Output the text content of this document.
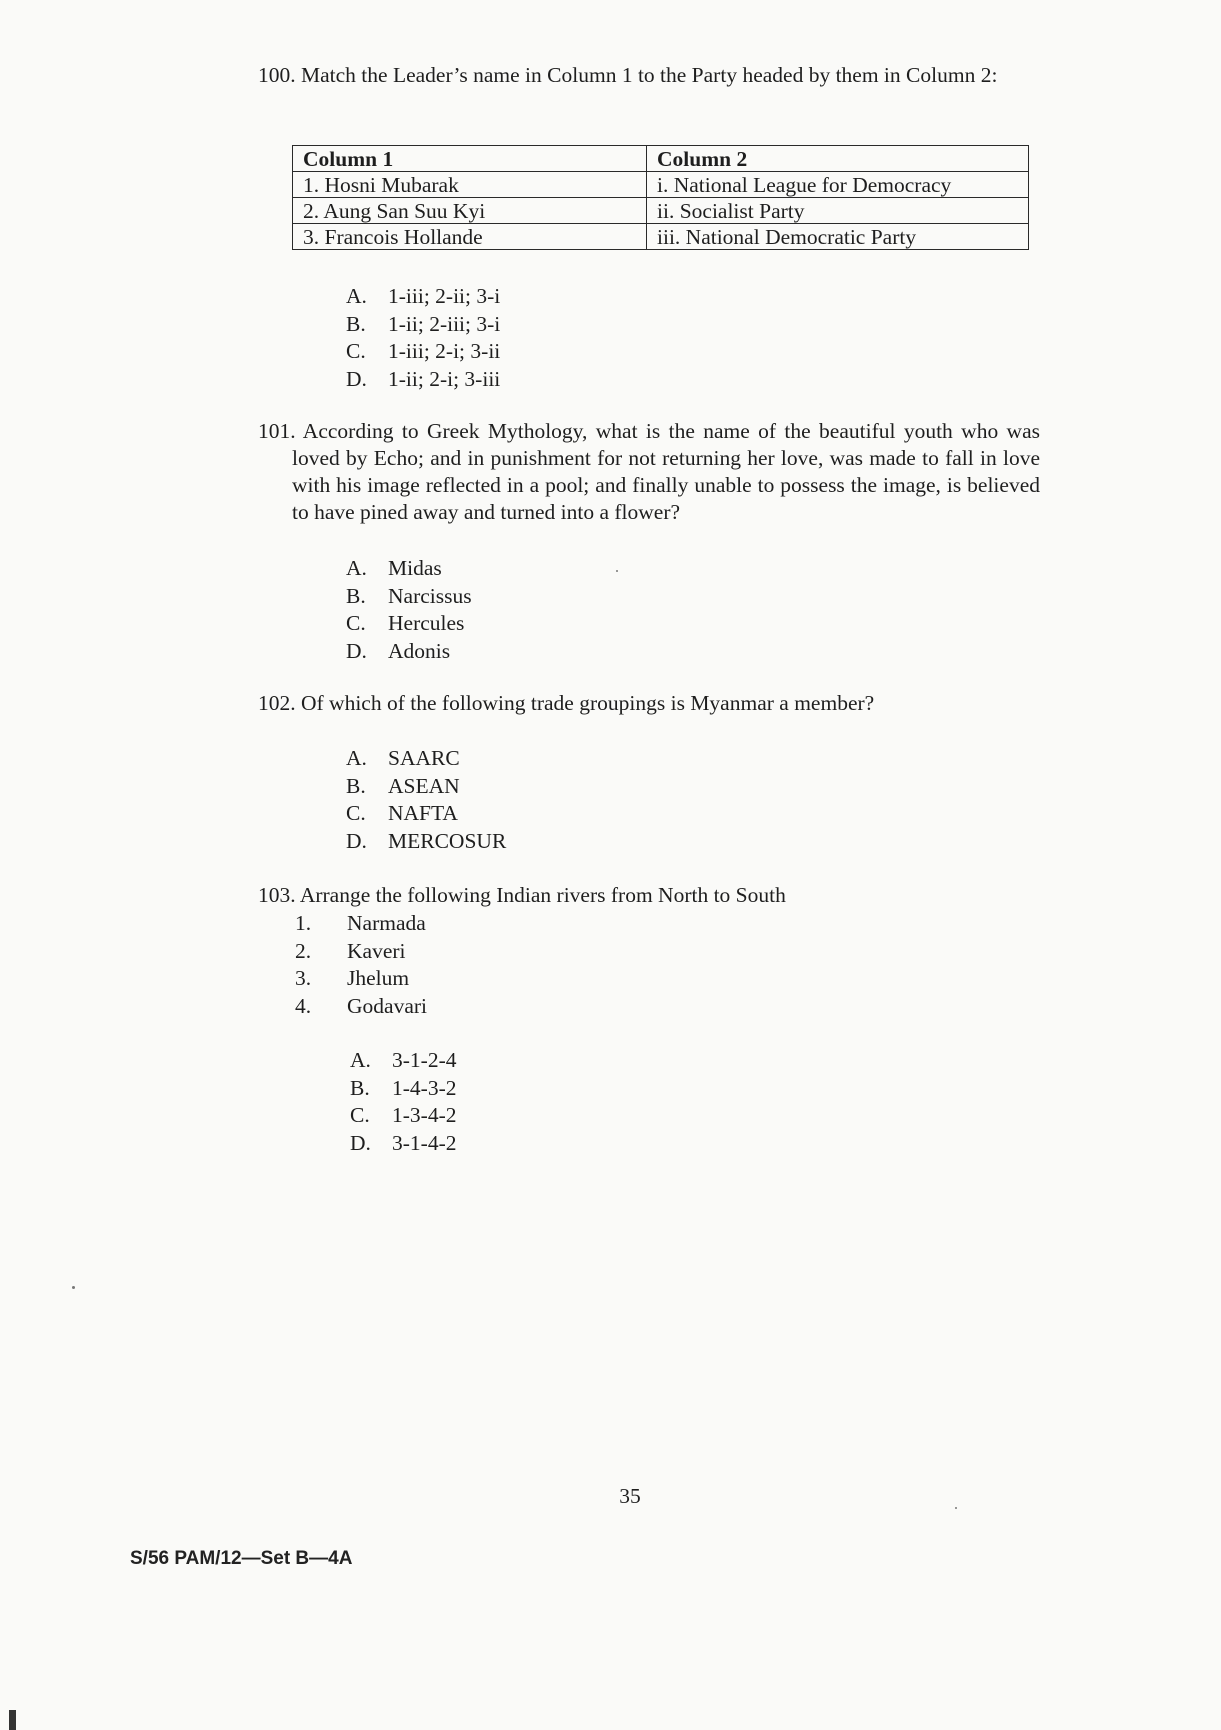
100. Match the Leader’s name in Column 1 to the Party headed by them in Column 2:
Column 1	Column 2
1. Hosni Mubarak	i. National League for Democracy
2. Aung San Suu Kyi	ii. Socialist Party
3. Francois Hollande	iii. National Democratic Party
A. 1-iii; 2-ii; 3-i
B.	1-ii; 2-iii; 3-i
C.	1-iii; 2-i; 3-ii
D. 1-ii; 2-i; 3-iii
101. According to Greek Mythology, what is the name of the beautiful youth who was loved by Echo; and in punishment for not returning her love, was made to fall in love with his image reflected in a pool; and finally unable to possess the image, is believed to have pined away and turned into a flower?
A. Midas
B.	Narcissus
C.	Hercules
D. Adonis
102. Of which of the following trade groupings is Myanmar a member?
A. SAARC
B.	ASEAN
C.	NAFTA
D. MERCOSUR
103. Arrange the following Indian rivers from North to South
1.	Narmada
2.	Kaveri
3.	Jhelum
4.	Godavari
A. 3-1-2-4
B.	1-4-3-2
C.	1-3-4-2
D. 3-1-4-2
35
S/56 PAM/12—Set B—4A
